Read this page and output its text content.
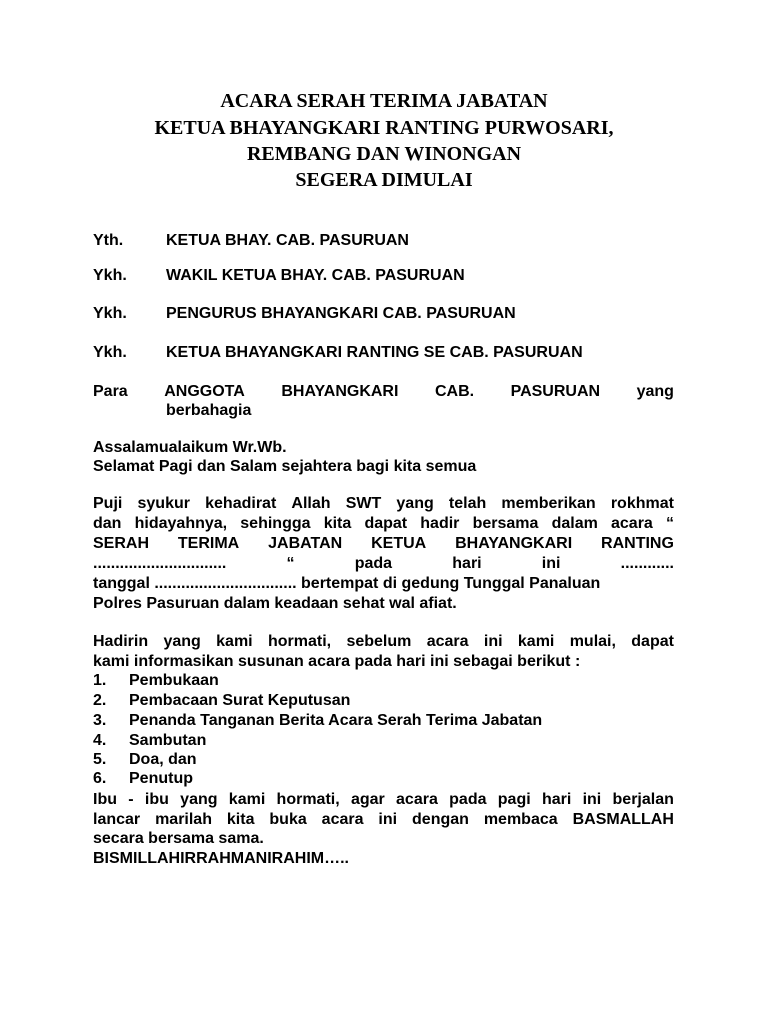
ACARA SERAH TERIMA JABATAN
KETUA BHAYANGKARI RANTING PURWOSARI,
REMBANG DAN WINONGAN
SEGERA DIMULAI
Yth.	KETUA BHAY. CAB. PASURUAN
Ykh. WAKIL KETUA BHAY. CAB. PASURUAN
Ykh. PENGURUS BHAYANGKARI CAB. PASURUAN
Ykh. KETUA BHAYANGKARI RANTING SE CAB. PASURUAN
Para ANGGOTA BHAYANGKARI CAB. PASURUAN yang
berbahagia
Assalamualaikum Wr.Wb.
Selamat Pagi dan Salam sejahtera bagi kita semua
Puji syukur kehadirat Allah SWT yang telah memberikan rokhmat
dan hidayahnya, sehingga kita dapat hadir bersama dalam acara “
SERAH TERIMA JABATAN KETUA BHAYANGKARI RANTING
..............................	“	pada	hari	ini	............
tanggal ................................ bertempat di gedung Tunggal Panaluan
Polres Pasuruan dalam keadaan sehat wal afiat.
Hadirin yang kami hormati, sebelum acara ini kami mulai, dapat
kami informasikan susunan acara pada hari ini sebagai berikut :
1. Pembukaan
2. Pembacaan Surat Keputusan
3. Penanda Tanganan Berita Acara Serah Terima Jabatan
4. Sambutan
5. Doa, dan
6. Penutup
Ibu - ibu yang kami hormati, agar acara pada pagi hari ini berjalan
lancar marilah kita buka acara ini dengan membaca BASMALLAH
secara bersama sama.
BISMILLAHIRRAHMANIRAHIM…..
